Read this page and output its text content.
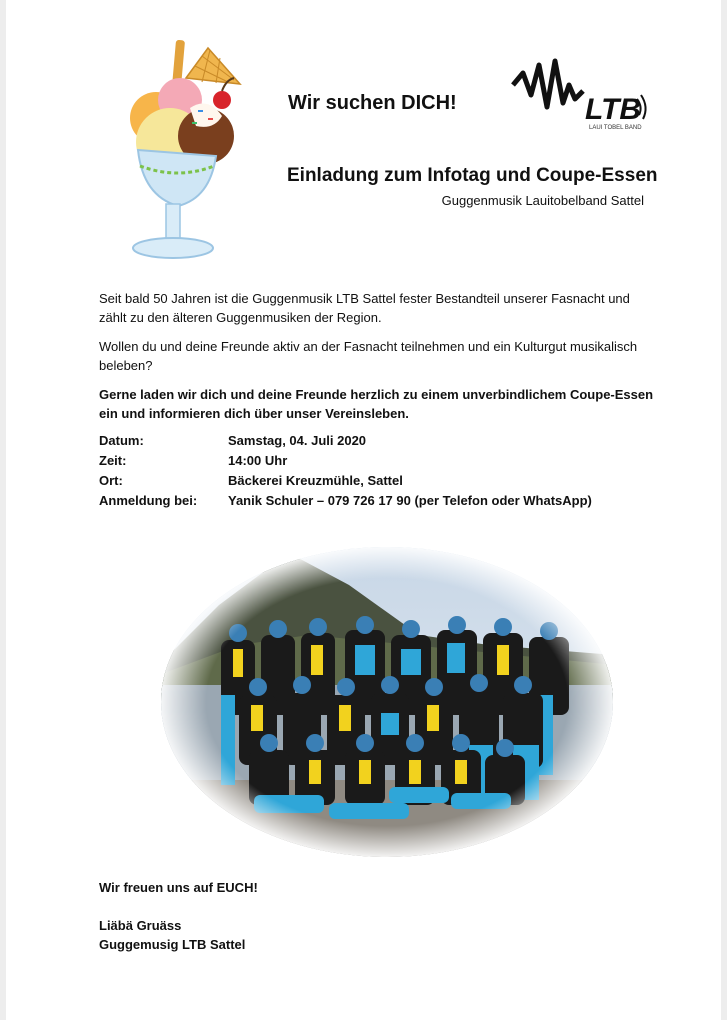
Wir suchen DICH!	LTB
LAUI TOBEL BAND
Einladung zum Infotag und Coupe-Essen
Guggenmusik Lauitobelband Sattel

Seit bald 50 Jahren ist die Guggenmusik LTB Sattel fester Bestandteil unserer Fasnacht und zählt zu den älteren Guggenmusiken der Region.

Wollen du und deine Freunde aktiv an der Fasnacht teilnehmen und ein Kulturgut musikalisch beleben?

Gerne laden wir dich und deine Freunde herzlich zu einem unverbindlichem Coupe-Essen ein und informieren dich über unser Vereinsleben.

Datum:	Samstag, 04. Juli 2020
Zeit:	14:00 Uhr
Ort:	Bäckerei Kreuzmühle, Sattel
Anmeldung bei:	Yanik Schuler – 079 726 17 90 (per Telefon oder WhatsApp)
Wir freuen uns auf EUCH!
Liäbä Gruäss
Guggemusig LTB Sattel
